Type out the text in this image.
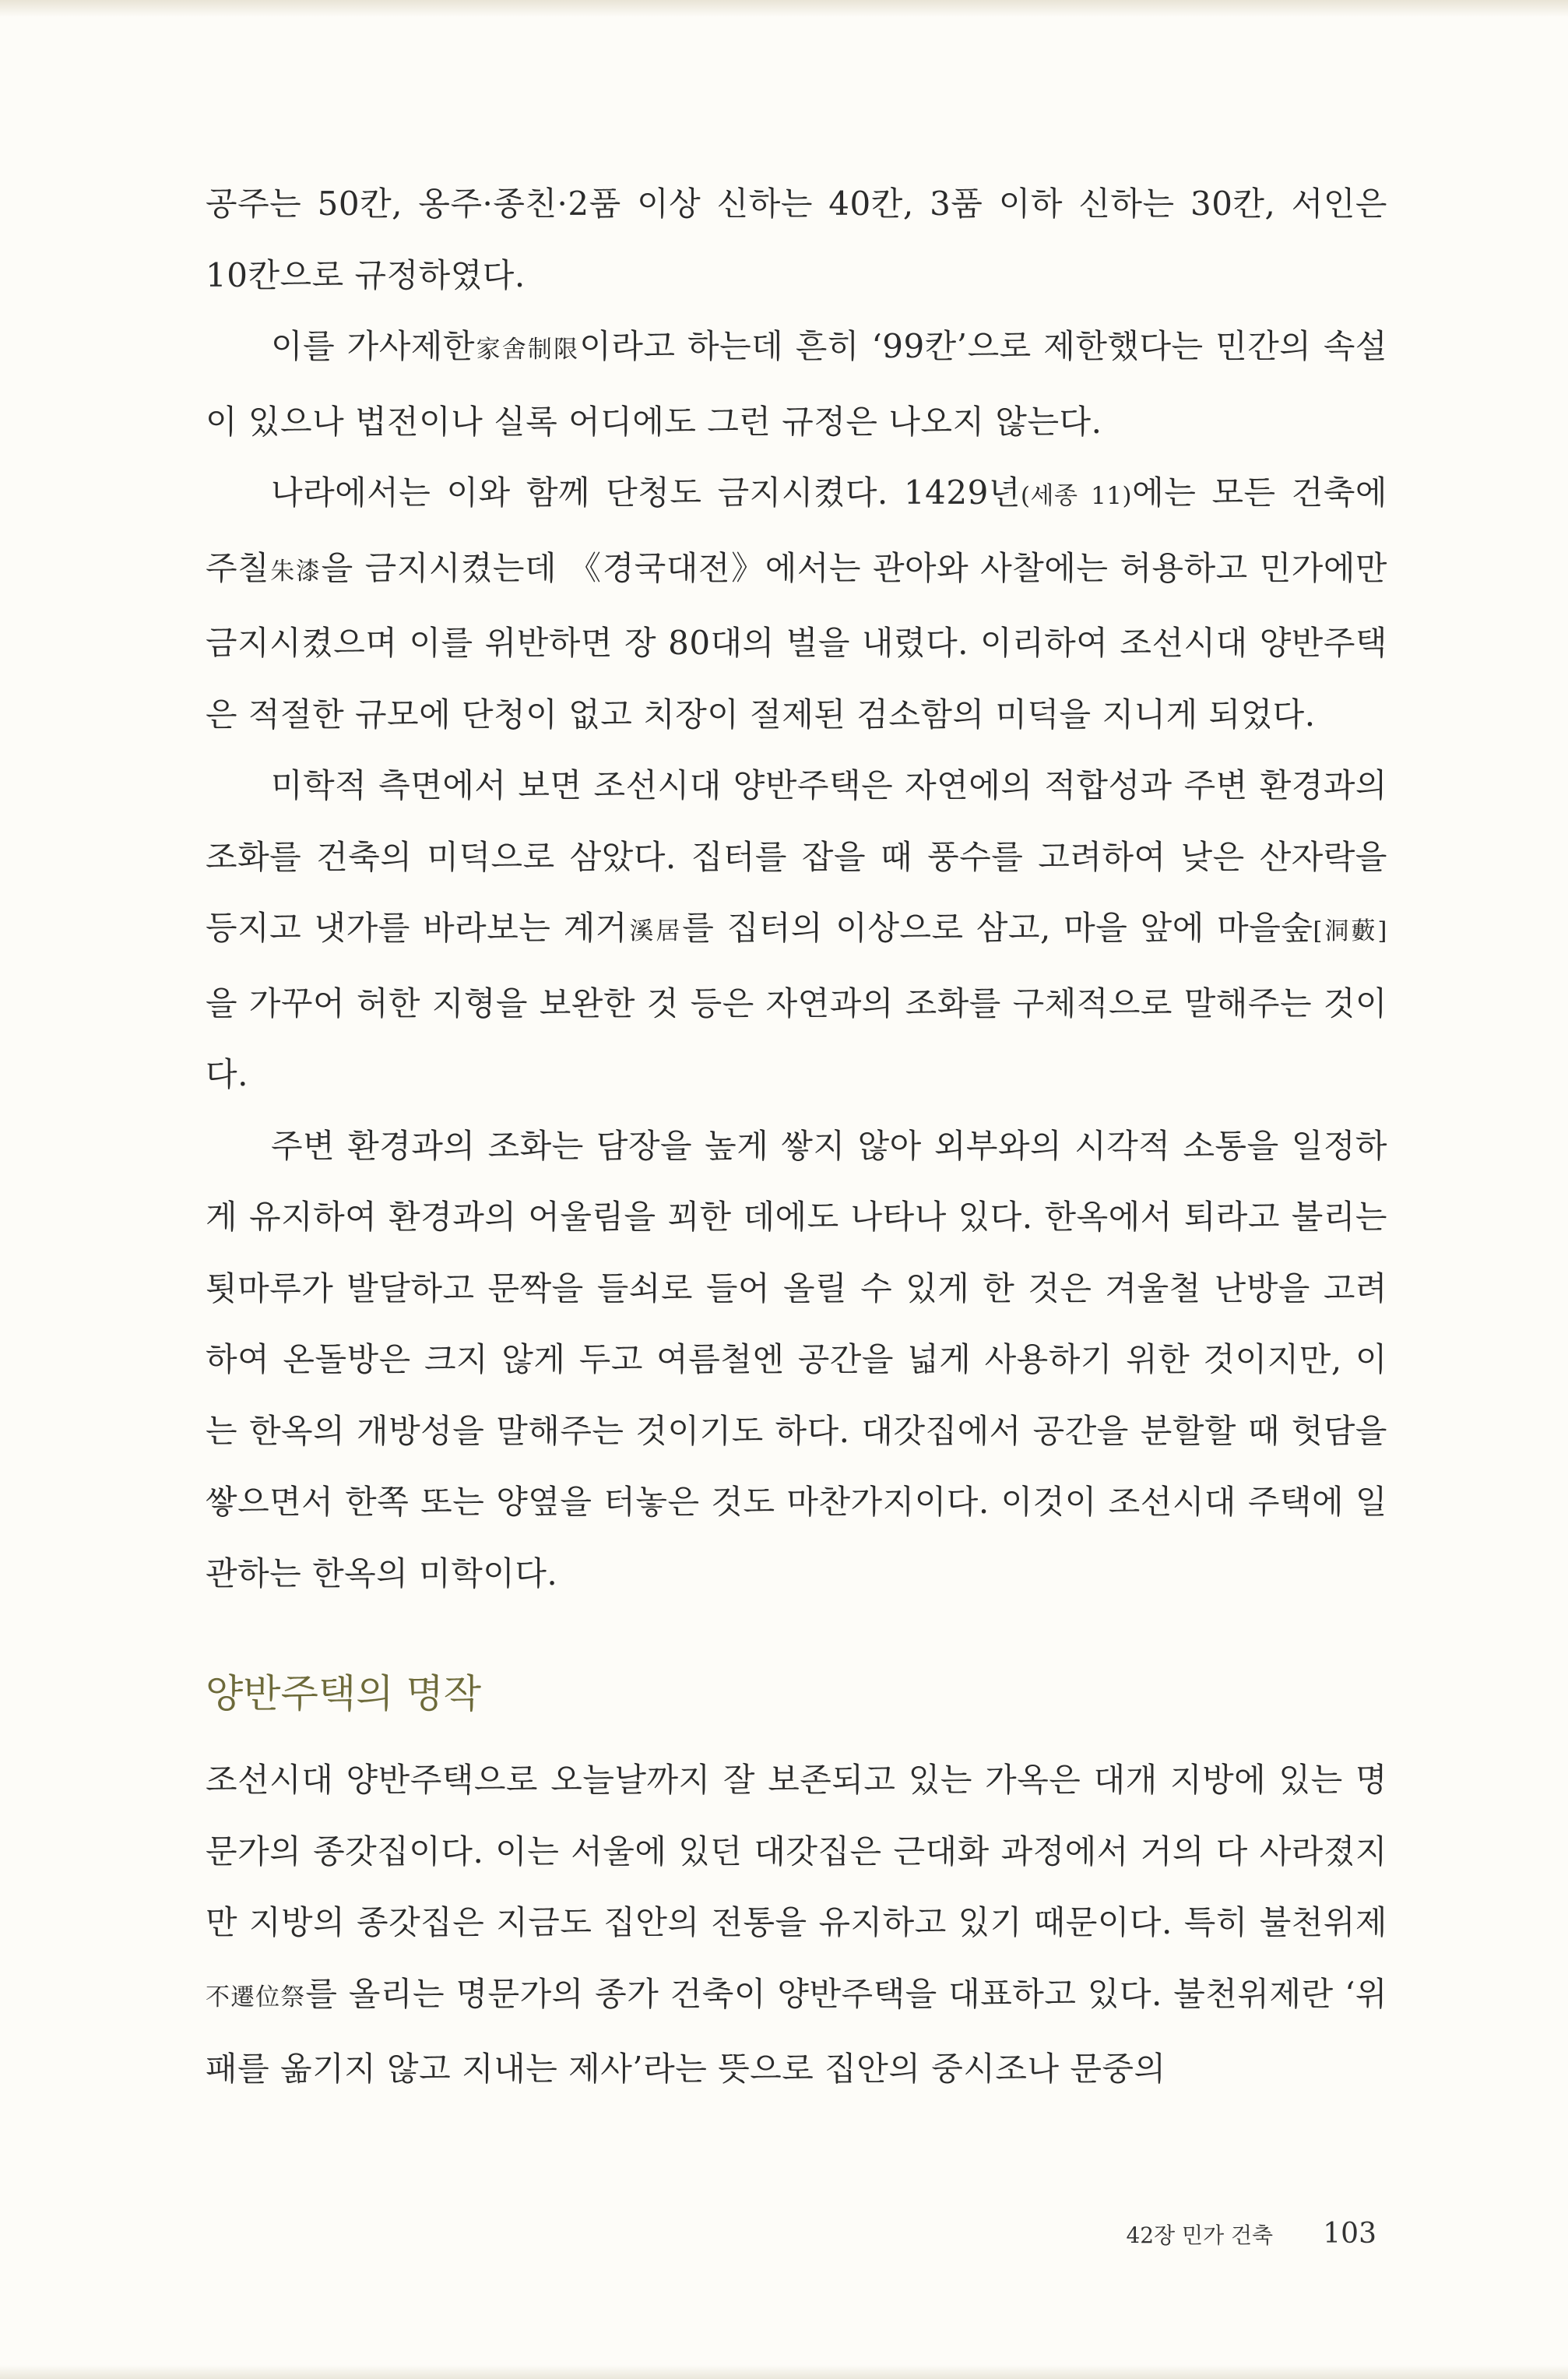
공주는 50칸, 옹주·종친·2품 이상 신하는 40칸, 3품 이하 신하는 30칸, 서인은 10칸으로 규정하였다.

이를 가사제한家舍制限이라고 하는데 흔히 ‘99칸’으로 제한했다는 민간의 속설이 있으나 법전이나 실록 어디에도 그런 규정은 나오지 않는다.

나라에서는 이와 함께 단청도 금지시켰다. 1429년(세종 11)에는 모든 건축에 주칠朱漆을 금지시켰는데 《경국대전》에서는 관아와 사찰에는 허용하고 민가에만 금지시켰으며 이를 위반하면 장 80대의 벌을 내렸다. 이리하여 조선시대 양반주택은 적절한 규모에 단청이 없고 치장이 절제된 검소함의 미덕을 지니게 되었다.

미학적 측면에서 보면 조선시대 양반주택은 자연에의 적합성과 주변 환경과의 조화를 건축의 미덕으로 삼았다. 집터를 잡을 때 풍수를 고려하여 낮은 산자락을 등지고 냇가를 바라보는 계거溪居를 집터의 이상으로 삼고, 마을 앞에 마을숲[洞藪]을 가꾸어 허한 지형을 보완한 것 등은 자연과의 조화를 구체적으로 말해주는 것이다.

주변 환경과의 조화는 담장을 높게 쌓지 않아 외부와의 시각적 소통을 일정하게 유지하여 환경과의 어울림을 꾀한 데에도 나타나 있다. 한옥에서 퇴라고 불리는 툇마루가 발달하고 문짝을 들쇠로 들어 올릴 수 있게 한 것은 겨울철 난방을 고려하여 온돌방은 크지 않게 두고 여름철엔 공간을 넓게 사용하기 위한 것이지만, 이는 한옥의 개방성을 말해주는 것이기도 하다. 대갓집에서 공간을 분할할 때 헛담을 쌓으면서 한쪽 또는 양옆을 터놓은 것도 마찬가지이다. 이것이 조선시대 주택에 일관하는 한옥의 미학이다.

양반주택의 명작

조선시대 양반주택으로 오늘날까지 잘 보존되고 있는 가옥은 대개 지방에 있는 명문가의 종갓집이다. 이는 서울에 있던 대갓집은 근대화 과정에서 거의 다 사라졌지만 지방의 종갓집은 지금도 집안의 전통을 유지하고 있기 때문이다. 특히 불천위제不遷位祭를 올리는 명문가의 종가 건축이 양반주택을 대표하고 있다. 불천위제란 ‘위패를 옮기지 않고 지내는 제사’라는 뜻으로 집안의 중시조나 문중의

42장 민가 건축 103
